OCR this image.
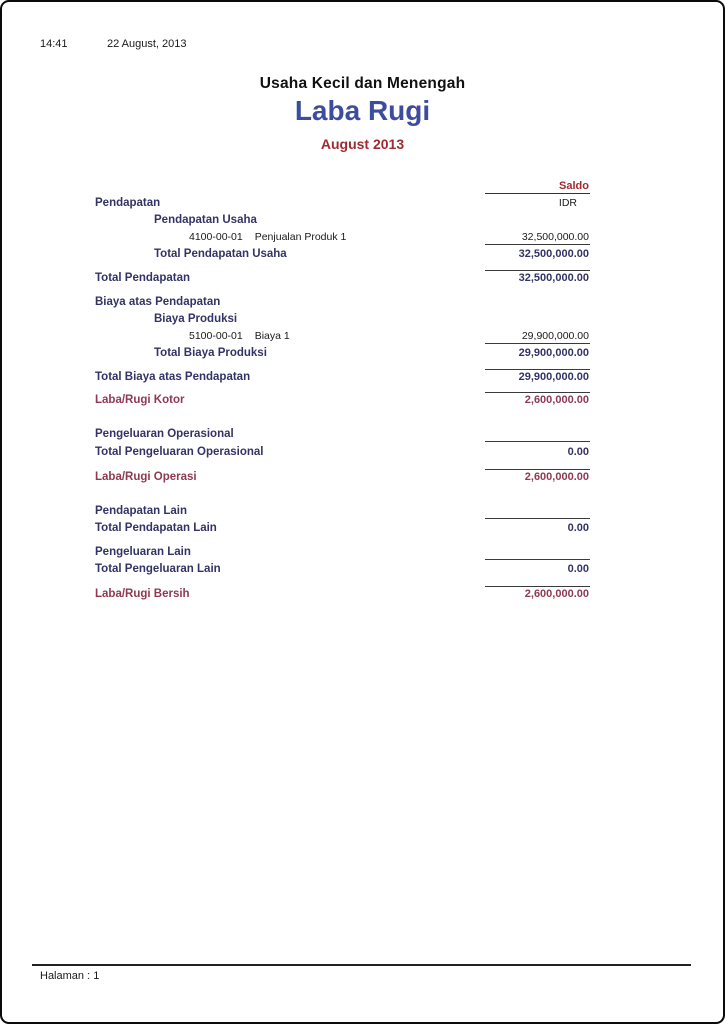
14:41	22 August, 2013
Usaha Kecil dan Menengah
Laba Rugi
August 2013
Saldo
Pendapatan	IDR
Pendapatan Usaha
4100-00-01 Penjualan Produk 1	32,500,000.00
Total Pendapatan Usaha	32,500,000.00
Total Pendapatan	32,500,000.00
Biaya atas Pendapatan
Biaya Produksi
5100-00-01 Biaya 1	29,900,000.00
Total Biaya Produksi	29,900,000.00
Total Biaya atas Pendapatan	29,900,000.00
Laba/Rugi Kotor	2,600,000.00
Pengeluaran Operasional
Total Pengeluaran Operasional	0.00
Laba/Rugi Operasi	2,600,000.00
Pendapatan Lain
Total Pendapatan Lain	0.00
Pengeluaran Lain
Total Pengeluaran Lain	0.00
Laba/Rugi Bersih	2,600,000.00
Halaman : 1
